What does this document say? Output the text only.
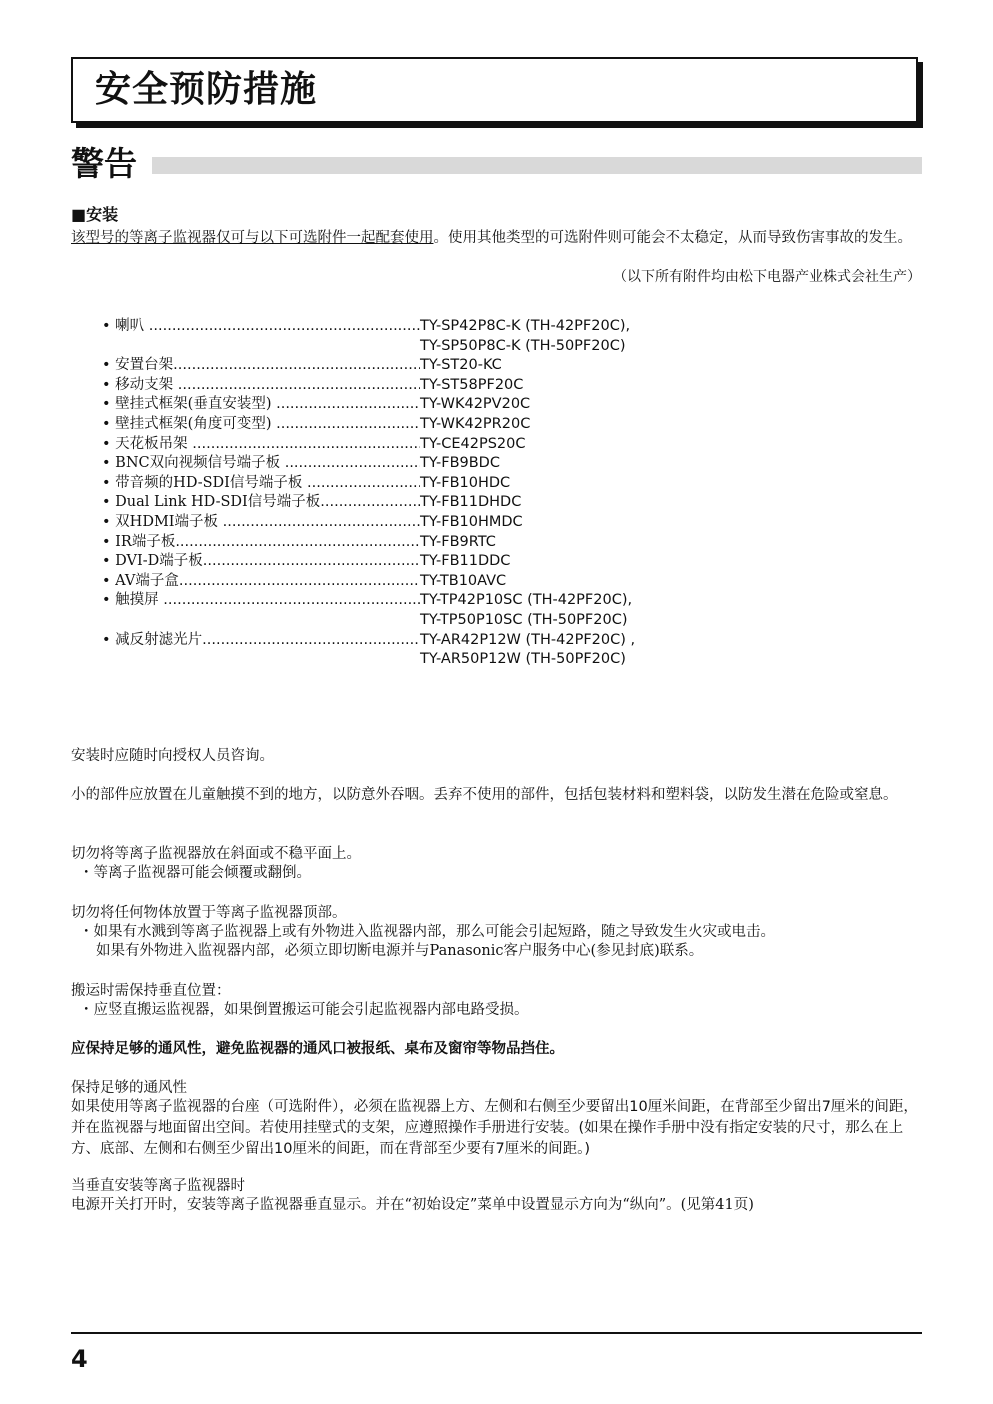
安全预防措施
警告
■安装
该型号的等离子监视器仅可与以下可选附件一起配套使用。使用其他类型的可选附件则可能会不太稳定，从而导致伤害事故的发生。
（以下所有附件均由松下电器产业株式会社生产）
• 喇叭 .....	TY-SP42P8C-K (TH-42PF20C),
TY-SP50P8C-K (TH-50PF20C)
• 安置台架 .....	TY-ST20-KC
• 移动支架 .....	TY-ST58PF20C
• 壁挂式框架(垂直安装型) .....	TY-WK42PV20C
• 壁挂式框架(角度可变型) .....	TY-WK42PR20C
• 天花板吊架 .....	TY-CE42PS20C
• BNC双向视频信号端子板 .....	TY-FB9BDC
• 带音频的HD-SDI信号端子板 .....	TY-FB10HDC
• Dual Link HD-SDI信号端子板 .....	TY-FB11DHDC
• 双HDMI端子板 .....	TY-FB10HMDC
• IR端子板 .....	TY-FB9RTC
• DVI-D端子板 .....	TY-FB11DDC
• AV端子盒 .....	TY-TB10AVC
• 触摸屏 .....	TY-TP42P10SC (TH-42PF20C),
TY-TP50P10SC (TH-50PF20C)
• 减反射滤光片 .....	TY-AR42P12W (TH-42PF20C) ,
TY-AR50P12W (TH-50PF20C)
安装时应随时向授权人员咨询。
小的部件应放置在儿童触摸不到的地方，以防意外吞咽。丢弃不使用的部件，包括包装材料和塑料袋，以防发生潜在危险或窒息。
切勿将等离子监视器放在斜面或不稳平面上。
・等离子监视器可能会倾覆或翻倒。
切勿将任何物体放置于等离子监视器顶部。
・如果有水溅到等离子监视器上或有外物进入监视器内部，那么可能会引起短路，随之导致发生火灾或电击。
如果有外物进入监视器内部，必须立即切断电源并与Panasonic客户服务中心(参见封底)联系。
搬运时需保持垂直位置：
・应竖直搬运监视器，如果倒置搬运可能会引起监视器内部电路受损。
应保持足够的通风性，避免监视器的通风口被报纸、桌布及窗帘等物品挡住。
保持足够的通风性
如果使用等离子监视器的台座（可选附件），必须在监视器上方、左侧和右侧至少要留出10厘米间距，在背部至少留出7厘米的间距，并在监视器与地面留出空间。若使用挂壁式的支架，应遵照操作手册进行安装。(如果在操作手册中没有指定安装的尺寸，那么在上方、底部、左侧和右侧至少留出10厘米的间距，而在背部至少要有7厘米的间距。)
当垂直安装等离子监视器时
电源开关打开时，安装等离子监视器垂直显示。并在“初始设定”菜单中设置显示方向为“纵向”。(见第41页)
4
